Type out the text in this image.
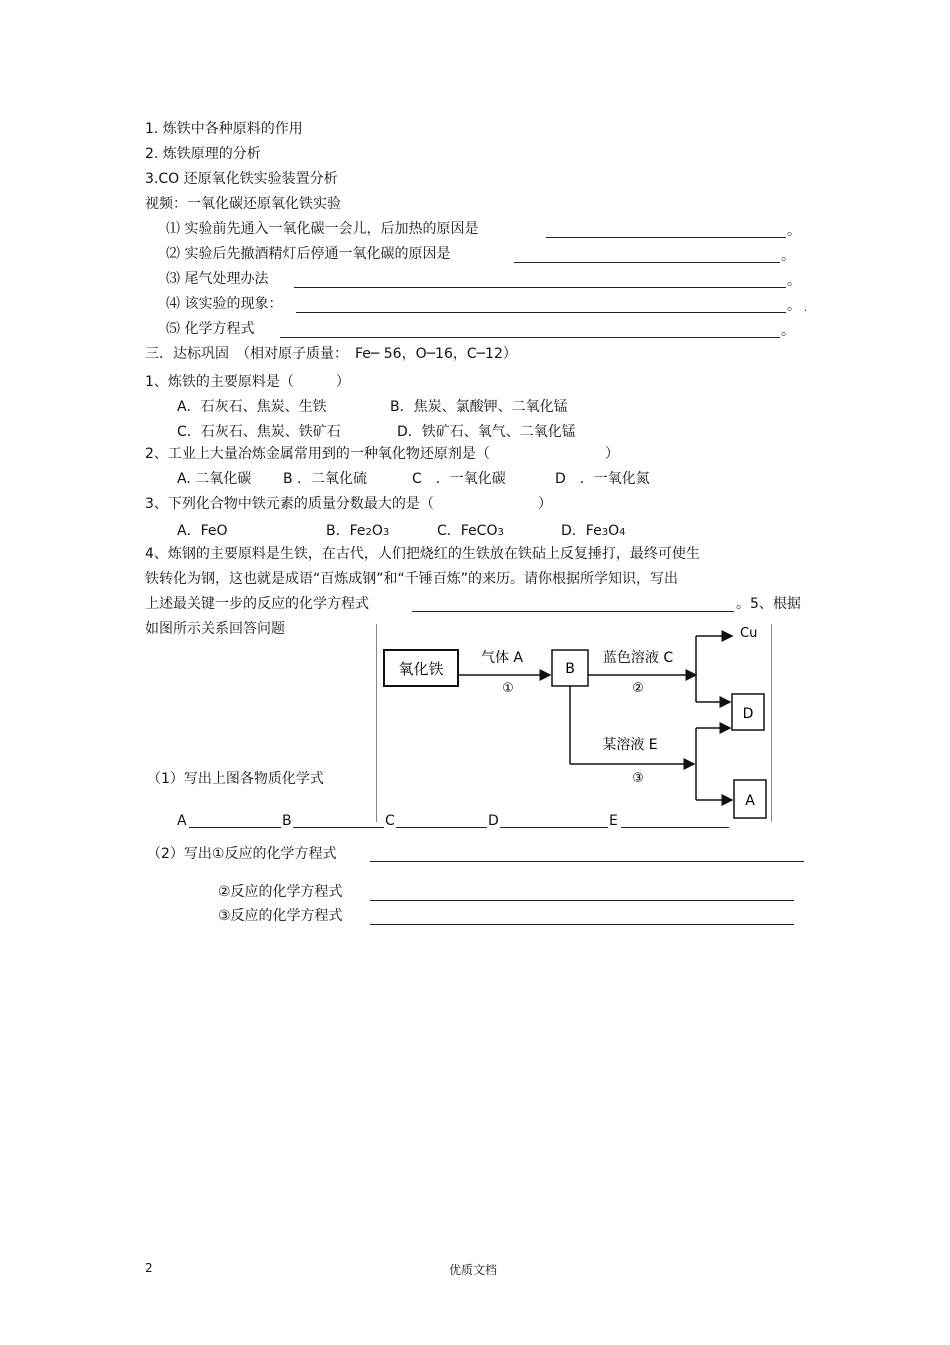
1. 炼铁中各种原料的作用
2. 炼铁原理的分析
3.CO 还原氧化铁实验装置分析
视频：一氧化碳还原氧化铁实验
⑴ 实验前先通入一氧化碳一会儿，后加热的原因是	。
⑵ 实验后先撤酒精灯后停通一氧化碳的原因是	。
⑶ 尾气处理办法	。
⑷ 该实验的现象：	。 .
⑸ 化学方程式	。
三．达标巩固　（相对原子质量：　Fe─ 56，O─16，C─12）
1、炼铁的主要原料是（　　　）
A．石灰石、焦炭、生铁	B．焦炭、氯酸钾、二氧化锰
C．石灰石、焦炭、铁矿石	D．铁矿石、氧气、二氧化锰
2、工业上大量冶炼金属常用到的一种氧化物还原剂是（	）
A. 二氧化碳 B ．二氧化硫	C　．一氧化碳	D　．一氧化氮
3、下列化合物中铁元素的质量分数最大的是（	）
A．FeO	B．Fe2O3	C．FeCO3	D．Fe3O4
4、炼钢的主要原料是生铁，在古代，人们把烧红的生铁放在铁砧上反复捶打，最终可使生
铁转化为钢，这也就是成语“百炼成钢”和“千锤百炼”的来历。请你根据所学知识，写出
上述最关键一步的反应的化学方程式	。5、根据
如图所示关系回答问题
氧化铁
气体 A
①
B
蓝色溶液 C
②
Cu
D
某溶液 E
③
A
（1）写出上图各物质化学式
A	B	C	D	E
（2）写出①反应的化学方程式
②反应的化学方程式
③反应的化学方程式
2	优质文档
